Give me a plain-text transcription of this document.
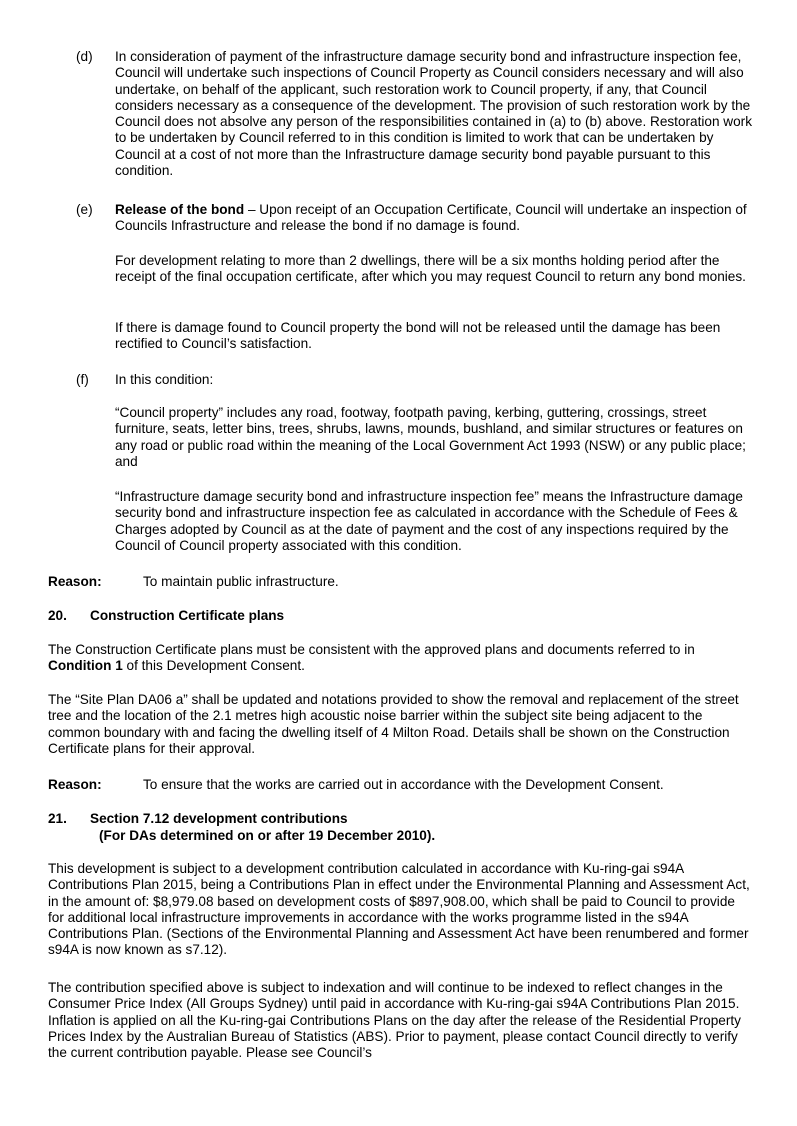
(d)	In consideration of payment of the infrastructure damage security bond and infrastructure inspection fee, Council will undertake such inspections of Council Property as Council considers necessary and will also undertake, on behalf of the applicant, such restoration work to Council property, if any, that Council considers necessary as a consequence of the development. The provision of such restoration work by the Council does not absolve any person of the responsibilities contained in (a) to (b) above. Restoration work to be undertaken by Council referred to in this condition is limited to work that can be undertaken by Council at a cost of not more than the Infrastructure damage security bond payable pursuant to this condition.

(e)	Release of the bond – Upon receipt of an Occupation Certificate, Council will undertake an inspection of Councils Infrastructure and release the bond if no damage is found.

For development relating to more than 2 dwellings, there will be a six months holding period after the receipt of the final occupation certificate, after which you may request Council to return any bond monies.

If there is damage found to Council property the bond will not be released until the damage has been rectified to Council’s satisfaction.

(f)	In this condition:

“Council property” includes any road, footway, footpath paving, kerbing, guttering, crossings, street furniture, seats, letter bins, trees, shrubs, lawns, mounds, bushland, and similar structures or features on any road or public road within the meaning of the Local Government Act 1993 (NSW) or any public place; and

“Infrastructure damage security bond and infrastructure inspection fee” means the Infrastructure damage security bond and infrastructure inspection fee as calculated in accordance with the Schedule of Fees & Charges adopted by Council as at the date of payment and the cost of any inspections required by the Council of Council property associated with this condition.

Reason:	To maintain public infrastructure.
20. Construction Certificate plans

The Construction Certificate plans must be consistent with the approved plans and documents referred to in Condition 1 of this Development Consent.

The “Site Plan DA06 a” shall be updated and notations provided to show the removal and replacement of the street tree and the location of the 2.1 metres high acoustic noise barrier within the subject site being adjacent to the common boundary with and facing the dwelling itself of 4 Milton Road. Details shall be shown on the Construction Certificate plans for their approval.

Reason:	To ensure that the works are carried out in accordance with the Development Consent.
21. Section 7.12 development contributions
(For DAs determined on or after 19 December 2010).

This development is subject to a development contribution calculated in accordance with Ku-ring-gai s94A Contributions Plan 2015, being a Contributions Plan in effect under the Environmental Planning and Assessment Act, in the amount of: $8,979.08 based on development costs of $897,908.00, which shall be paid to Council to provide for additional local infrastructure improvements in accordance with the works programme listed in the s94A Contributions Plan. (Sections of the Environmental Planning and Assessment Act have been renumbered and former s94A is now known as s7.12).

The contribution specified above is subject to indexation and will continue to be indexed to reflect changes in the Consumer Price Index (All Groups Sydney) until paid in accordance with Ku-ring-gai s94A Contributions Plan 2015. Inflation is applied on all the Ku-ring-gai Contributions Plans on the day after the release of the Residential Property Prices Index by the Australian Bureau of Statistics (ABS). Prior to payment, please contact Council directly to verify the current contribution payable. Please see Council’s
